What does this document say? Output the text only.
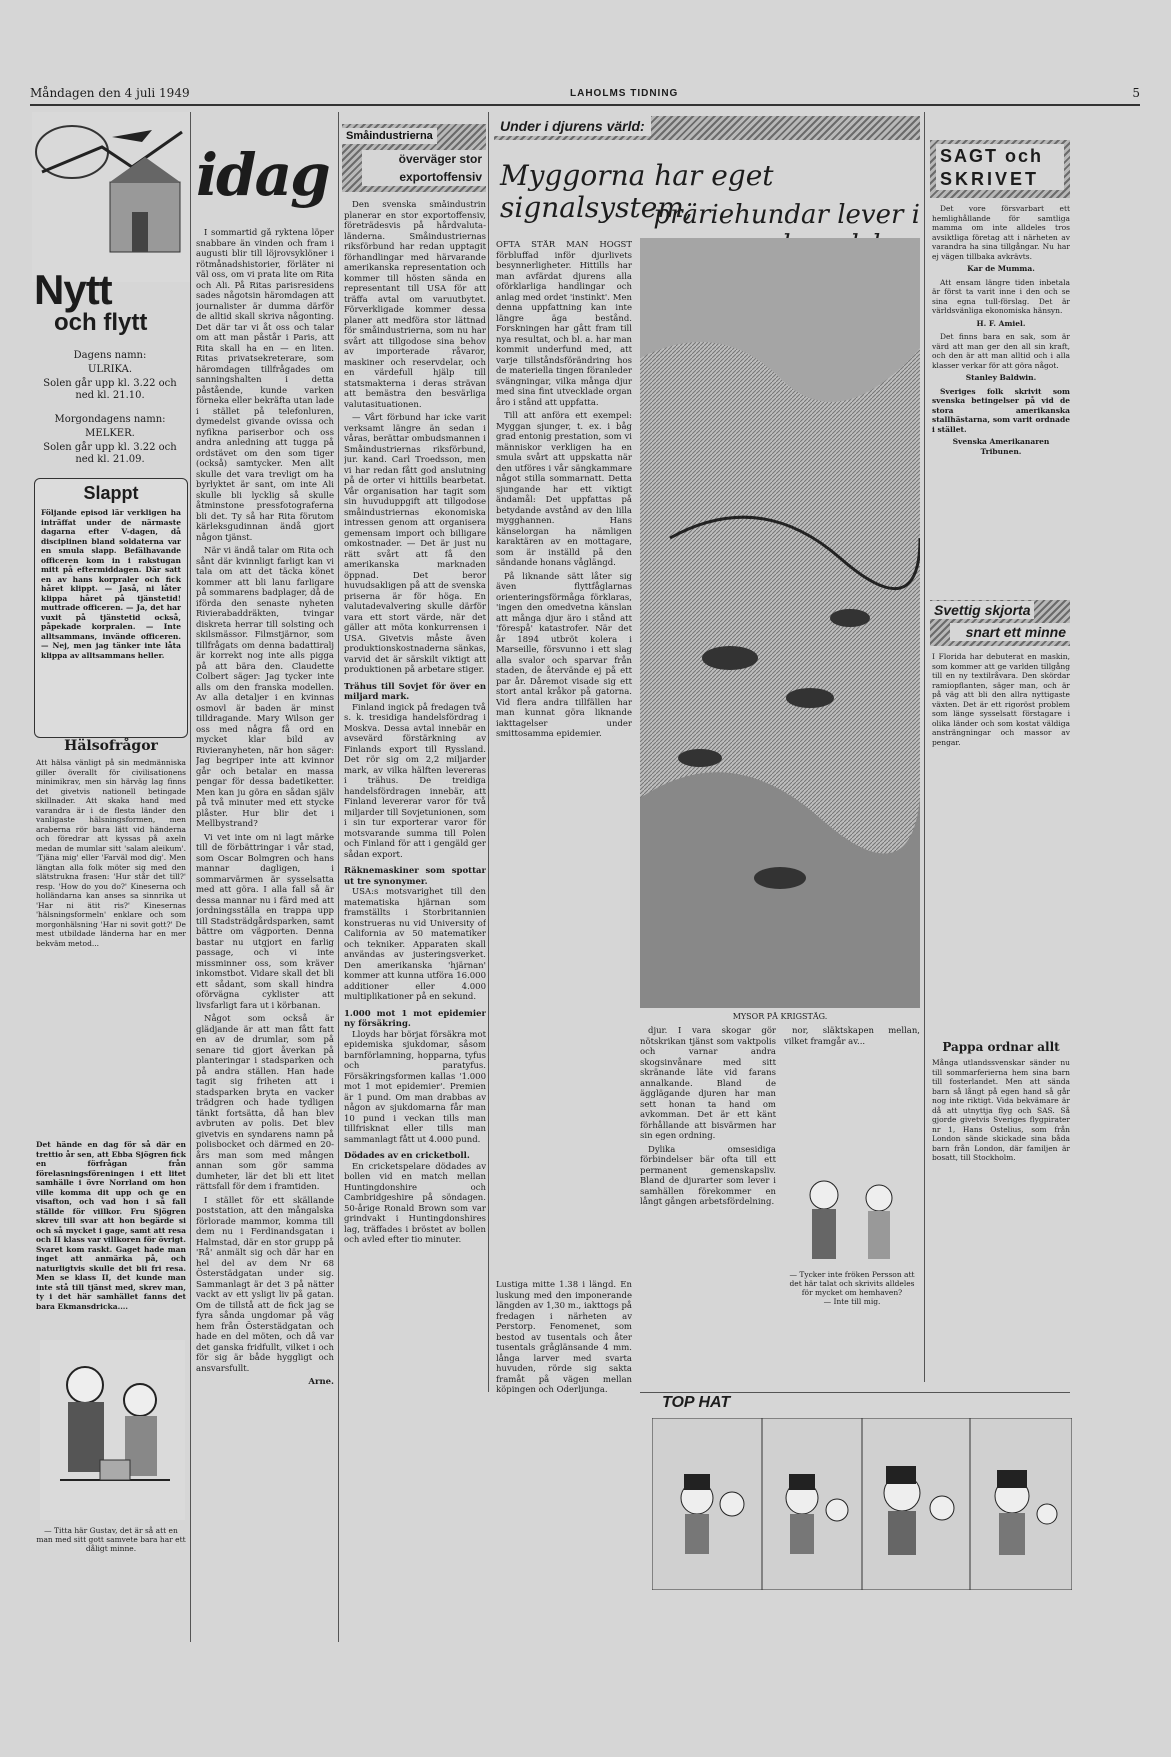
Måndagen den 4 juli 1949	LAHOLMS TIDNING	5
Nytt
och flytt
Dagens namn:
ULRIKA.
Solen går upp kl. 3.22 och ned kl. 21.10.
Morgondagens namn:
MELKER.
Solen går upp kl. 3.22 och ned kl. 21.09.
Slappt
Följande episod lär verkligen ha inträffat under de närmaste dagarna efter V-dagen, då disciplinen bland soldaterna var en smula slapp. Befälhavande officeren kom in i rakstugan mitt på eftermiddagen. Där satt en av hans korpraler och fick håret klippt. — Jaså, ni låter klippa håret på tjänstetid! muttrade officeren. — Ja, det har vuxit på tjänstetid också, påpekade korpralen. — Inte alltsammans, invände officeren. — Nej, men jag tänker inte låta klippa av alltsammans heller.
Hälsofrågor
Att hälsa vänligt på sin medmänniska giller överallt för civilisationens minimikrav, men sin härväg lag finns det givetvis nationell betingade skillnader. Att skaka hand med varandra är i de flesta länder den vanligaste hälsningsformen, men araberna rör bara lätt vid händerna och föredrar att kyssas på axeln medan de mumlar sitt 'salam aleikum'. 'Tjäna mig' eller 'Farväl mod dig'. Men längtan alla folk möter sig med den slätstrukna frasen: 'Hur står det till?' resp. 'How do you do?' Kineserna och holländarna kan anses sa sinnrika ut 'Har ni ätit ris?' Kinesernas 'hälsningsformeln' enklare och som morgonhälsning 'Har ni sovit gott?' De mest utbildade länderna har en mer bekväm metod...
Det hände en dag för så där en trettio år sen, att Ebba Sjögren fick en förfrågan från förelasningsföreningen i ett litet samhälle i övre Norrland om hon ville komma dit upp och ge en visafton, och vad hon i så fall ställde för villkor. Fru Sjögren skrev till svar att hon begärde si och så mycket i gage, samt att resa och II klass var villkoren för övrigt. Svaret kom raskt. Gaget hade man inget att anmärka på, och naturligtvis skulle det bli fri resa. Men se klass II, det kunde man inte stå till tjänst med, skrev man, ty i det här samhället fanns det bara Ekmansdricka....
— Titta här Gustav, det är så att en man med sitt gott samvete bara har ett dåligt minne.
idag

I sommartid gå ryktena löper snabbare än vinden och fram i augusti blir till löjrovsyklöner i rötmånadshistorier, förläter ni väl oss, om vi prata lite om Rita och Ali. På Ritas parisresidens sades någotsin häromdagen att journalister är dumma därför de alltid skall skriva någonting. Det där tar vi åt oss och talar om att man påstår i Paris, att Rita skall ha en — en liten. Ritas privatsekreterare, som häromdagen tillfrågades om sanningshalten i detta påstående, kunde varken förneka eller bekräfta utan lade i stället på telefonluren, dymedelst givande ovissa och nyfikna pariserbor och oss andra anledning att tugga på ordstävet om den som tiger (också) samtycker. Men allt skulle det vara trevligt om ha byrlyktet är sant, om inte Ali skulle bli lycklig så skulle åtminstone pressfotograferna bli det. Ty så har Rita förutom kärleksgudinnan ändå gjort någon tjänst.

När vi ändå talar om Rita och sånt där kvinnligt farligt kan vi tala om att det täcka könet kommer att bli lanu farligare på sommarens badplager, då de iförda den senaste nyheten Rivierabaddräkten, tvingar diskreta herrar till solsting och skilsmässor. Filmstjärnor, som tillfrågats om denna badattiralj är korrekt nog inte alls pigga på att bära den. Claudette Colbert säger: Jag tycker inte alls om den franska modellen. Av alla detaljer i en kvinnas osmovl är baden är minst tilldragande. Mary Wilson ger oss med några få ord en mycket klar bild av Rivieranyheten, när hon säger: Jag begriper inte att kvinnor går och betalar en massa pengar för dessa badetiketter. Men kan ju göra en sådan själv på två minuter med ett stycke plåster. Hur blir det i Mellbystrand?

Vi vet inte om ni lagt märke till de förbättringar i vår stad, som Oscar Bolmgren och hans mannar dagligen, i sommarvärmen är sysselsatta med att göra. I alla fall så är dessa mannar nu i färd med att jordningsställa en trappa upp till Stadsträdgårdsparken, samt bättre om vägporten. Denna bastar nu utgjort en farlig passage, och vi inte missminner oss, som kräver inkomstbot. Vidare skall det bli ett sådant, som skall hindra oförvägna cyklister att livsfarligt fara ut i körbanan.

Något som också är glädjande är att man fått fatt en av de drumlar, som på senare tid gjort åverkan på planteringar i stadsparken och på andra ställen. Han hade tagit sig friheten att i stadsparken bryta en vacker trädgren och hade tydligen tänkt fortsätta, då han blev avbruten av polis. Det blev givetvis en syndarens namn på polisbocket och därmed en 20-års man som med mången annan som gör samma dumheter, lär det bli ett litet rättsfall för dem i framtiden.

I stället för ett skällande poststation, att den mångalska förlorade mammor, komma till dem nu i Ferdinandsgatan i Halmstad, där en stor grupp på 'Rå' anmält sig och där har en hel del av dem Nr 68 Österstädgatan under sig. Sammanlagt är det 3 på nätter vackt av ett ysligt liv på gatan. Om de tillstå att de fick jag se fyra sånda ungdomar på väg hem från Österstädgatan och hade en del möten, och då var det ganska fridfullt, vilket i och för sig är både hyggligt och ansvarsfullt.

Arne.
Småindustrierna
överväger stor exportoffensiv

Den svenska småindustrin planerar en stor exportoffensiv, företrädesvis på hårdvaluta-länderna. Småindustriernas riksförbund har redan upptagit förhandlingar med härvarande amerikanska representation och kommer till hösten sända en representant till USA för att träffa avtal om varuutbytet. Förverkligade kommer dessa planer att medföra stor lättnad för småindustrierna, som nu har svårt att tillgodose sina behov av importerade råvaror, maskiner och reservdelar, och en värdefull hjälp till statsmakterna i deras strävan att bemästra den besvärliga valutasituationen.

— Vårt förbund har icke varit verksamt längre än sedan i våras, berättar ombudsmannen i Småindustriernas riksförbund, jur. kand. Carl Troedsson, men vi har redan fått god anslutning på de orter vi hittills bearbetat. Vår organisation har tagit som sin huvuduppgift att tillgodose småindustriernas ekonomiska intressen genom att organisera gemensam import och billigare omkostnader. — Det är just nu rätt svårt att få den amerikanska marknaden öppnad. Det beror huvudsakligen på att de svenska priserna är för höga. En valutadevalvering skulle därför vara ett stort värde, när det gäller att möta konkurrensen i USA. Givetvis måste även produktionskostnaderna sänkas, varvid det är särskilt viktigt att produktionen på arbetare stiger.

Trähus till Sovjet för över en miljard mark.

Finland ingick på fredagen två s. k. tresidiga handelsfördrag i Moskva. Dessa avtal innebär en avsevärd förstärkning av Finlands export till Ryssland. Det rör sig om 2,2 miljarder mark, av vilka hälften levereras i trähus. De treidiga handelsfördragen innebär, att Finland levererar varor för två miljarder till Sovjetunionen, som i sin tur exporterar varor för motsvarande summa till Polen och Finland för att i gengäld ger sådan export.

Räknemaskiner som spottar ut tre synonymer.

USA:s motsvarighet till den matematiska hjärnan som framställts i Storbritannien konstrueras nu vid University of California av 50 matematiker och tekniker. Apparaten skall användas av justeringsverket. Den amerikanska 'hjärnan' kommer att kunna utföra 16.000 additioner eller 4.000 multiplikationer på en sekund.

1.000 mot 1 mot epidemier ny försäkring.

Lloyds har börjat försäkra mot epidemiska sjukdomar, såsom barnförlamning, hopparna, tyfus och paratyfus. Försäkringsformen kallas '1.000 mot 1 mot epidemier'. Premien är 1 pund. Om man drabbas av någon av sjukdomarna får man 10 pund i veckan tills man tillfrisknat eller tills man sammanlagt fått ut 4.000 pund.

Dödades av en cricketboll.

En cricketspelare dödades av bollen vid en match mellan Huntingdonshire och Cambridgeshire på söndagen. 50-årige Ronald Brown som var grindvakt i Huntingdonshires lag, träffades i bröstet av bollen och avled efter tio minuter.

Under i djurens värld:
Myggorna har eget signalsystem,
präriehundar lever i

OFTA STÅR MAN HOGST förbluffad inför djurlivets besynnerligheter. Hittills har man avfärdat djurens alla oförklarliga handlingar och anlag med ordet 'instinkt'. Men denna uppfattning kan inte längre äga bestånd. Forskningen har gått fram till nya resultat, och bl. a. har man kommit underfund med, att varje tillståndsförändring hos de materiella tingen föranleder svängningar, vilka många djur med sina fint utvecklade organ åro i stånd att uppfatta.

Till att anföra ett exempel: Myggan sjunger, t. ex. i båg grad entonig prestation, som vi människor verkligen ha en smula svårt att uppskatta när den utföres i vår sängkammare något stilla sommarnatt. Detta sjungande har ett viktigt ändamål: Det uppfattas på betydande avstånd av den lilla mygghannen. Hans känselorgan ha nämligen karaktären av en mottagare, som är inställd på den sändande honans våglängd.

På liknande sätt låter sig även flyttfåglarnas orienteringsförmåga förklaras, 'ingen den omedvetna känslan att många djur äro i stånd att 'förespå' katastrofer. När det år 1894 utbröt kolera i Marseille, försvunno i ett slag alla svalor och sparvar från staden, de återvände ej på ett par år. Dåremot visade sig ett stort antal kråkor på gatorna. Vid flera andra tillfällen har man kunnat göra liknande iakttagelser under smittosamma epidemier.

MYSOR PÅ KRIGSTÅG.

djur. I vara skogar gör nötskrikan tjänst som vaktpolis och varnar andra skogsinvånare med sitt skränande läte vid farans annalkande. Bland de ägglägande djuren har man sett honan ta hand om avkomman. Det är ett känt förhållande att bisvärmen har sin egen ordning.

Dylika omsesidiga förbindelser bär ofta till ett permanent gemenskapsliv. Bland de djurarter som lever i samhällen förekommer en långt gången arbetsfördelning.

nor, släktskapen mellan, vilket framgår av...

— Tycker inte fröken Persson att det här talat och skrivits alldeles för mycket om hemhaven?
— Inte till mig.

Lustiga mitte 1.38 i längd. En luskung med den imponerande längden av 1,30 m., iakttogs på fredagen i närheten av Perstorp. Fenomenet, som bestod av tusentals och åter tusentals gråglänsande 4 mm. långa larver med svarta huvuden, rörde sig sakta framåt på vägen mellan köpingen och Oderljunga.

SAGT och
SKRIVET

Det vore försvarbart ett hemlighållande för samtliga mamma om inte alldeles tros avsiktliga företag att i närheten av varandra ha sina tillgångar. Nu har ej vägen tillbaka avkrävts.

Kar de Mumma.

Att ensam längre tiden inbetala är först ta varit inne i den och se sina egna tull-förslag. Det är världsvänliga ekonomiska hänsyn.

H. F. Amiel.

Det finns bara en sak, som är värd att man ger den all sin kraft, och den är att man alltid och i alla klasser verkar för att göra något.

Stanley Baldwin.

Sveriges folk skrivit som svenska betingelser på vid de stora amerikanska stallhästarna, som varit ordnade i stället.

Svenska Amerikanaren Tribunen.
Svettig skjorta
snart ett minne
I Florida har debuterat en maskin, som kommer att ge varlden tillgång till en ny textilråvara. Den skördar ramiopflanten, säger man, och är på väg att bli den allra nyttigaste växten. Det är ett rigoröst problem som länge sysselsatt förstagare i olika länder och som kostat väldiga ansträngningar och massor av pengar.
Pappa ordnar allt
Många utlandssvenskar sänder nu till sommarferierna hem sina barn till fosterlandet. Men att sända barn så långt på egen hand så går nog inte riktigt. Vida bekvämare är då att utnyttja flyg och SAS. Så gjorde givetvis Sveriges flygpirater nr 1, Hans Ostelius, som från London sände skickade sina båda barn från London, där familjen är bosatt, till Stockholm.
TOP HAT
